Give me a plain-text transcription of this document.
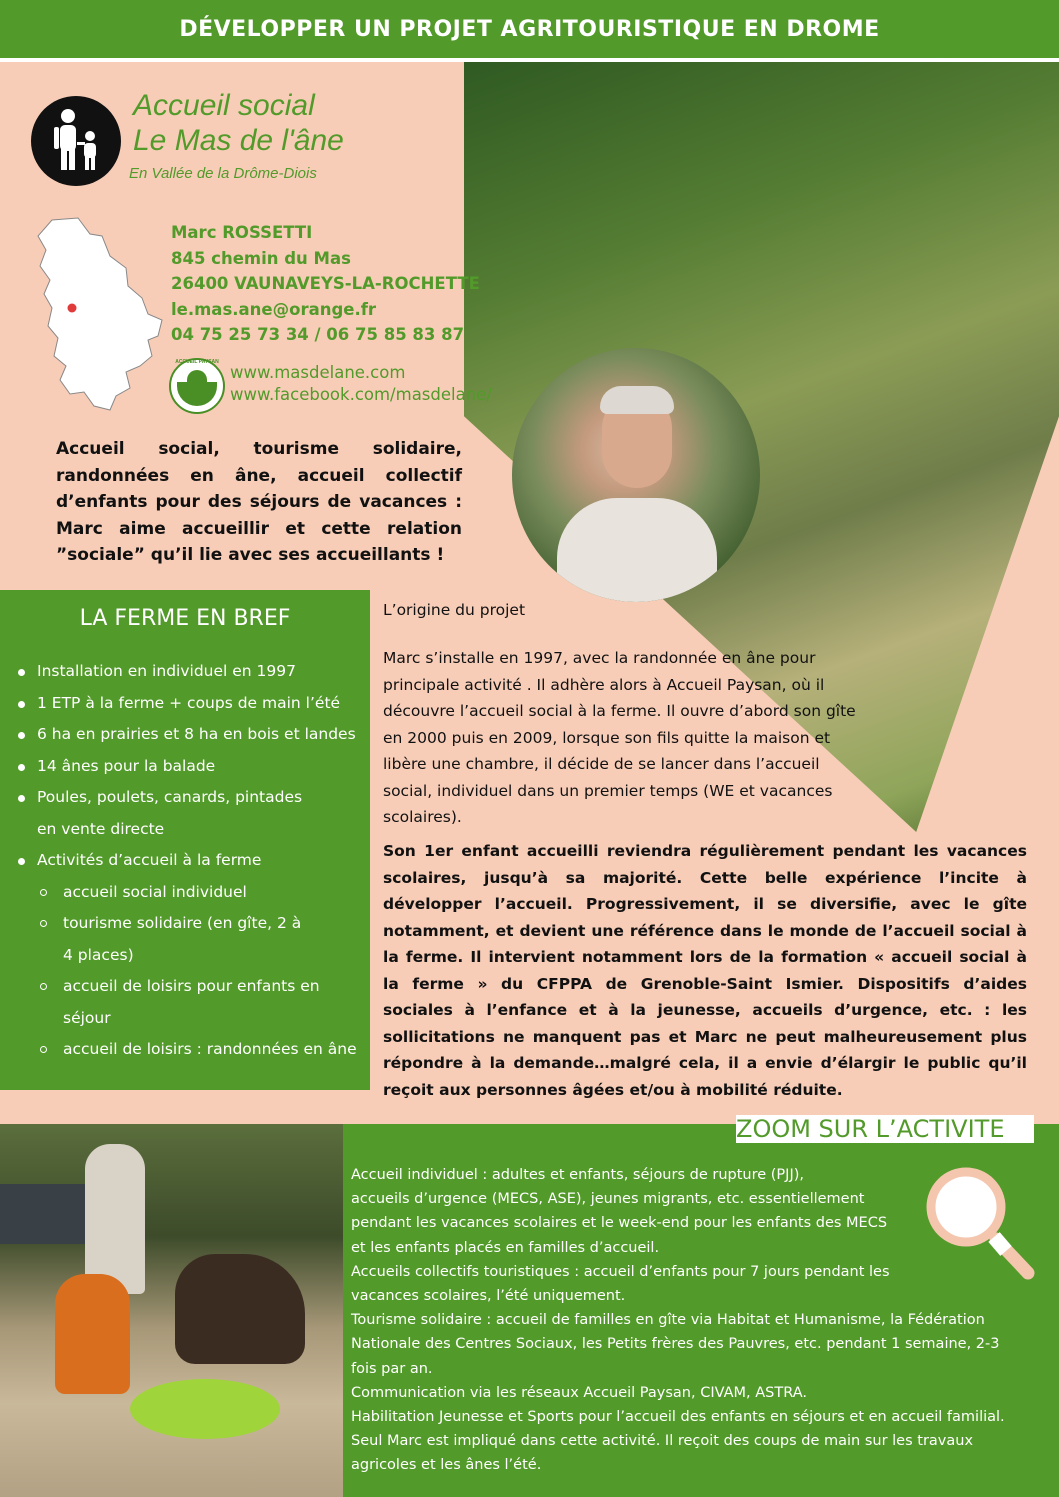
DÉVELOPPER UN PROJET AGRITOURISTIQUE EN DROME
Accueil social
Le Mas de l'âne
En Vallée de la Drôme-Diois
Marc ROSSETTI
845 chemin du Mas
26400 VAUNAVEYS-LA-ROCHETTE
le.mas.ane@orange.fr
04 75 25 73 34 / 06 75 85 83 87
ACCUEIL PAYSAN
www.masdelane.com
www.facebook.com/masdelane/
Accueil social, tourisme solidaire, randonnées en âne, accueil collectif d’enfants pour des séjours de vacances : Marc aime accueillir et cette relation ”sociale” qu’il lie avec ses accueillants !
LA FERME EN BREF
Installation en individuel en 1997
1 ETP à la ferme + coups de main l’été
6 ha en prairies et 8 ha en bois et landes
14 ânes pour la balade
Poules, poulets, canards, pintades en vente directe
Activités d’accueil à la ferme
accueil social individuel
tourisme solidaire (en gîte, 2 à 4 places)
accueil de loisirs pour enfants en séjour
accueil de loisirs : randonnées en âne
L’origine du projet
Marc s’installe en 1997, avec la randonnée en âne pour principale activité . Il adhère alors à Accueil Paysan, où il découvre l’accueil social à la ferme. Il ouvre d’abord son gîte en 2000 puis en 2009, lorsque son fils quitte la maison et libère une chambre, il décide de se lancer dans l’accueil social, individuel dans un premier temps (WE et vacances scolaires).
Son 1er enfant accueilli reviendra régulièrement pendant les vacances scolaires, jusqu’à sa majorité. Cette belle expérience l’incite à développer l’accueil. Progressivement, il se diversifie, avec le gîte notamment, et devient une référence dans le monde de l’accueil social à la ferme. Il intervient notamment lors de la formation « accueil social à la ferme » du CFPPA de Grenoble-Saint Ismier. Dispositifs d’aides sociales à l’enfance et à la jeunesse, accueils d’urgence, etc. : les sollicitations ne manquent pas et Marc ne peut malheureusement plus répondre à la demande…malgré cela, il a envie d’élargir le public qu’il reçoit aux personnes âgées et/ou à mobilité réduite.
ZOOM SUR L’ACTIVITE
Accueil individuel : adultes et enfants, séjours de rupture (PJJ),
accueils d’urgence (MECS, ASE), jeunes migrants, etc. essentiellement
pendant les vacances scolaires et le week-end pour les enfants des MECS
et les enfants placés en familles d’accueil.
Accueils collectifs touristiques : accueil d’enfants pour 7 jours pendant les
vacances scolaires, l’été uniquement.
Tourisme solidaire : accueil de familles en gîte via Habitat et Humanisme, la Fédération
Nationale des Centres Sociaux, les Petits frères des Pauvres, etc. pendant 1 semaine, 2-3
fois par an.
Communication via les réseaux Accueil Paysan, CIVAM, ASTRA.
Habilitation Jeunesse et Sports pour l’accueil des enfants en séjours et en accueil familial.
Seul Marc est impliqué dans cette activité. Il reçoit des coups de main sur les travaux
agricoles et les ânes l’été.
